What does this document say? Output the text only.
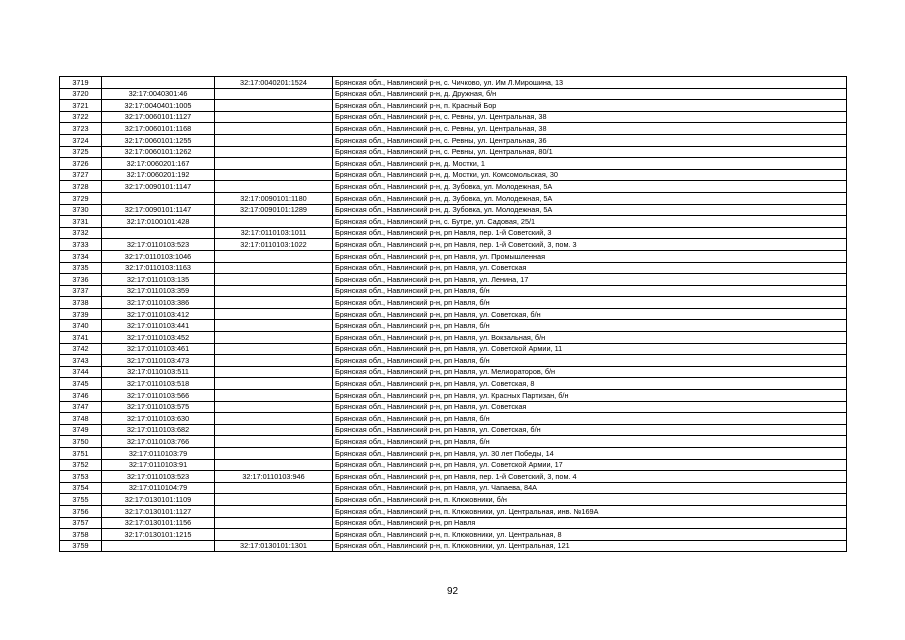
3719		32:17:0040201:1524	Брянская обл., Навлинский р-н, с. Чичково, ул. Им Л.Мирошина, 13
3720	32:17:0040301:46		Брянская обл., Навлинский р-н, д. Дружная, б/н
3721	32:17:0040401:1005		Брянская обл., Навлинский р-н, п. Красный Бор
3722	32:17:0060101:1127		Брянская обл., Навлинский р-н, с. Ревны, ул. Центральная, 38
3723	32:17:0060101:1168		Брянская обл., Навлинский р-н, с. Ревны, ул. Центральная, 38
3724	32:17:0060101:1255		Брянская обл., Навлинский р-н, с. Ревны, ул. Центральная, 36
3725	32:17:0060101:1262		Брянская обл., Навлинский р-н, с. Ревны, ул. Центральная, 80/1
3726	32:17:0060201:167		Брянская обл., Навлинский р-н, д. Мостки, 1
3727	32:17:0060201:192		Брянская обл., Навлинский р-н, д. Мостки, ул. Комсомольская, 30
3728	32:17:0090101:1147		Брянская обл., Навлинский р-н, д. Зубовка, ул. Молодежная, 5А
3729		32:17:0090101:1180	Брянская обл., Навлинский р-н, д. Зубовка, ул. Молодежная, 5А
3730	32:17:0090101:1147	32:17:0090101:1289	Брянская обл., Навлинский р-н, д. Зубовка, ул. Молодежная, 5А
3731	32:17:0100101:428		Брянская обл., Навлинский р-н, с. Бутре, ул. Садовая, 25/1
3732		32:17:0110103:1011	Брянская обл., Навлинский р-н, рп Навля, пер. 1-й Советский, 3
3733	32:17:0110103:523	32:17:0110103:1022	Брянская обл., Навлинский р-н, рп Навля, пер. 1-й Советский, 3, пом. 3
3734	32:17:0110103:1046		Брянская обл., Навлинский р-н, рп Навля, ул. Промышленная
3735	32:17:0110103:1163		Брянская обл., Навлинский р-н, рп Навля, ул. Советская
3736	32:17:0110103:135		Брянская обл., Навлинский р-н, рп Навля, ул. Ленина, 17
3737	32:17:0110103:359		Брянская обл., Навлинский р-н, рп Навля, б/н
3738	32:17:0110103:386		Брянская обл., Навлинский р-н, рп Навля, б/н
3739	32:17:0110103:412		Брянская обл., Навлинский р-н, рп Навля, ул. Советская, б/н
3740	32:17:0110103:441		Брянская обл., Навлинский р-н, рп Навля, б/н
3741	32:17:0110103:452		Брянская обл., Навлинский р-н, рп Навля, ул. Вокзальная, б/н
3742	32:17:0110103:461		Брянская обл., Навлинский р-н, рп Навля, ул. Советской Армии, 11
3743	32:17:0110103:473		Брянская обл., Навлинский р-н, рп Навля, б/н
3744	32:17:0110103:511		Брянская обл., Навлинский р-н, рп Навля, ул. Мелиораторов, б/н
3745	32:17:0110103:518		Брянская обл., Навлинский р-н, рп Навля, ул. Советская, 8
3746	32:17:0110103:566		Брянская обл., Навлинский р-н, рп Навля, ул. Красных Партизан, б/н
3747	32:17:0110103:575		Брянская обл., Навлинский р-н, рп Навля, ул. Советская
3748	32:17:0110103:630		Брянская обл., Навлинский р-н, рп Навля, б/н
3749	32:17:0110103:682		Брянская обл., Навлинский р-н, рп Навля, ул. Советская, б/н
3750	32:17:0110103:766		Брянская обл., Навлинский р-н, рп Навля, б/н
3751	32:17:0110103:79		Брянская обл., Навлинский р-н, рп Навля, ул. 30 лет Победы, 14
3752	32:17:0110103:91		Брянская обл., Навлинский р-н, рп Навля, ул. Советской Армии, 17
3753	32:17:0110103:523	32:17:0110103:946	Брянская обл., Навлинский р-н, рп Навля, пер. 1-й Советский, 3, пом. 4
3754	32:17:0110104:79		Брянская обл., Навлинский р-н, рп Навля, ул. Чапаева, 84А
3755	32:17:0130101:1109		Брянская обл., Навлинский р-н, п. Клюковники, б/н
3756	32:17:0130101:1127		Брянская обл., Навлинский р-н, п. Клюковники, ул. Центральная, инв. №169А
3757	32:17:0130101:1156		Брянская обл., Навлинский р-н, рп Навля
3758	32:17:0130101:1215		Брянская обл., Навлинский р-н, п. Клюковники, ул. Центральная, 8
3759		32:17:0130101:1301	Брянская обл., Навлинский р-н, п. Клюковники, ул. Центральная, 121
92
